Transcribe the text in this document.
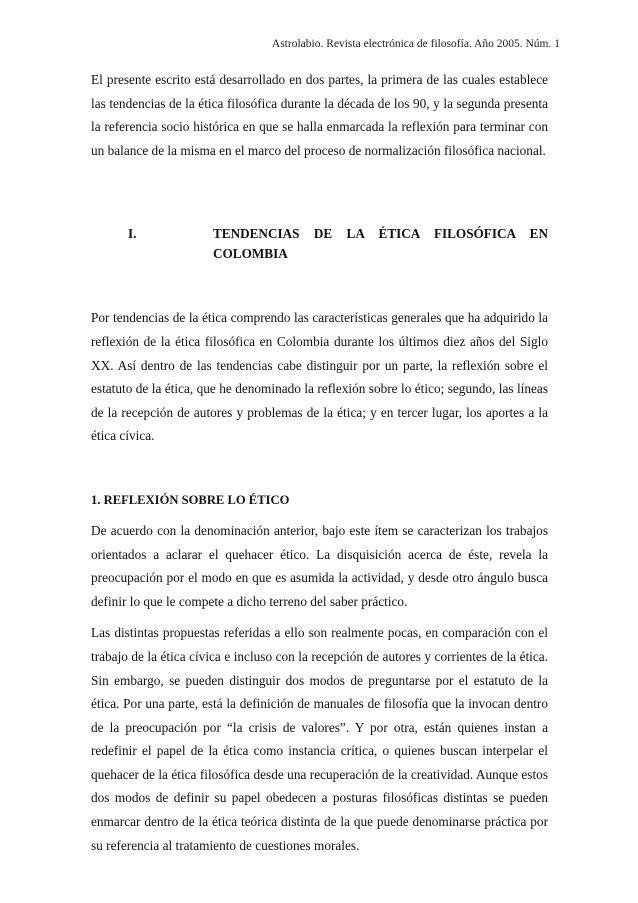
Astrolabio. Revista electrónica de filosofía. Año 2005. Núm. 1

El presente escrito está desarrollado en dos partes, la primera de las cuales establece las tendencias de la ética filosófica durante la década de los 90, y la segunda presenta la referencia socio histórica en que se halla enmarcada la reflexión para terminar con un balance de la misma en el marco del proceso de normalización filosófica nacional.

I.	TENDENCIAS DE LA ÉTICA FILOSÓFICA EN COLOMBIA

Por tendencias de la ética comprendo las características generales que ha adquirido la reflexión de la ética filosófica en Colombia durante los últimos diez años del Siglo XX. Así dentro de las tendencias cabe distinguir por un parte, la reflexión sobre el estatuto de la ética, que he denominado la reflexión sobre lo ético; segundo, las líneas de la recepción de autores y problemas de la ética; y en tercer lugar, los aportes a la ética cívica.

1. REFLEXIÓN SOBRE LO ÉTICO

De acuerdo con la denominación anterior, bajo este ítem se caracterizan los trabajos orientados a aclarar el quehacer ético. La disquisición acerca de éste, revela la preocupación por el modo en que es asumida la actividad, y desde otro ángulo busca definir lo que le compete a dicho terreno del saber práctico.

Las distintas propuestas referidas a ello son realmente pocas, en comparación con el trabajo de la ética cívica e incluso con la recepción de autores y corrientes de la ética. Sin embargo, se pueden distinguir dos modos de preguntarse por el estatuto de la ética. Por una parte, está la definición de manuales de filosofía que la invocan dentro de la preocupación por “la crisis de valores”. Y por otra, están quienes instan a redefinir el papel de la ética como instancia crítica, o quienes buscan interpelar el quehacer de la ética filosófica desde una recuperación de la creatividad. Aunque estos dos modos de definir su papel obedecen a posturas filosóficas distintas se pueden enmarcar dentro de la ética teórica distinta de la que puede denominarse práctica por su referencia al tratamiento de cuestiones morales.
